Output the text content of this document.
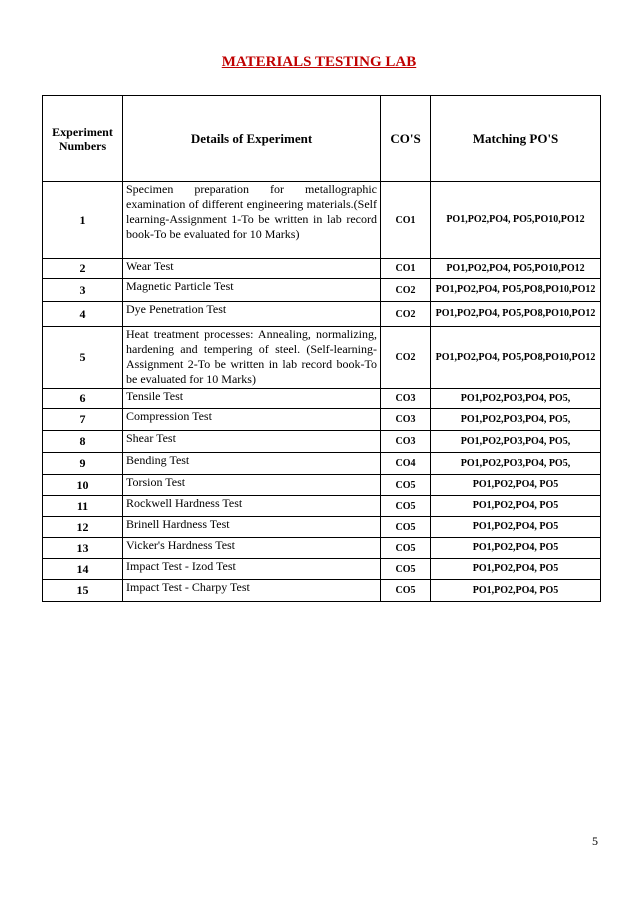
MATERIALS TESTING LAB
Experiment Numbers	Details of Experiment	CO'S	Matching PO'S
1	Specimen preparation for metallographic examination of different engineering materials.(Self learning-Assignment 1-To be written in lab record book-To be evaluated for 10 Marks)	CO1	PO1,PO2,PO4, PO5,PO10,PO12
2	Wear Test	CO1	PO1,PO2,PO4, PO5,PO10,PO12
3	Magnetic Particle Test	CO2	PO1,PO2,PO4, PO5,PO8,PO10,PO12
4	Dye Penetration Test	CO2	PO1,PO2,PO4, PO5,PO8,PO10,PO12
5	Heat treatment processes: Annealing, normalizing, hardening and tempering of steel. (Self-learning-Assignment 2-To be written in lab record book-To be evaluated for 10 Marks)	CO2	PO1,PO2,PO4, PO5,PO8,PO10,PO12
6	Tensile Test	CO3	PO1,PO2,PO3,PO4, PO5,
7	Compression Test	CO3	PO1,PO2,PO3,PO4, PO5,
8	Shear Test	CO3	PO1,PO2,PO3,PO4, PO5,
9	Bending Test	CO4	PO1,PO2,PO3,PO4, PO5,
10	Torsion Test	CO5	PO1,PO2,PO4, PO5
11	Rockwell Hardness Test	CO5	PO1,PO2,PO4, PO5
12	Brinell Hardness Test	CO5	PO1,PO2,PO4, PO5
13	Vicker's Hardness Test	CO5	PO1,PO2,PO4, PO5
14	Impact Test - Izod Test	CO5	PO1,PO2,PO4, PO5
15	Impact Test - Charpy Test	CO5	PO1,PO2,PO4, PO5
5
